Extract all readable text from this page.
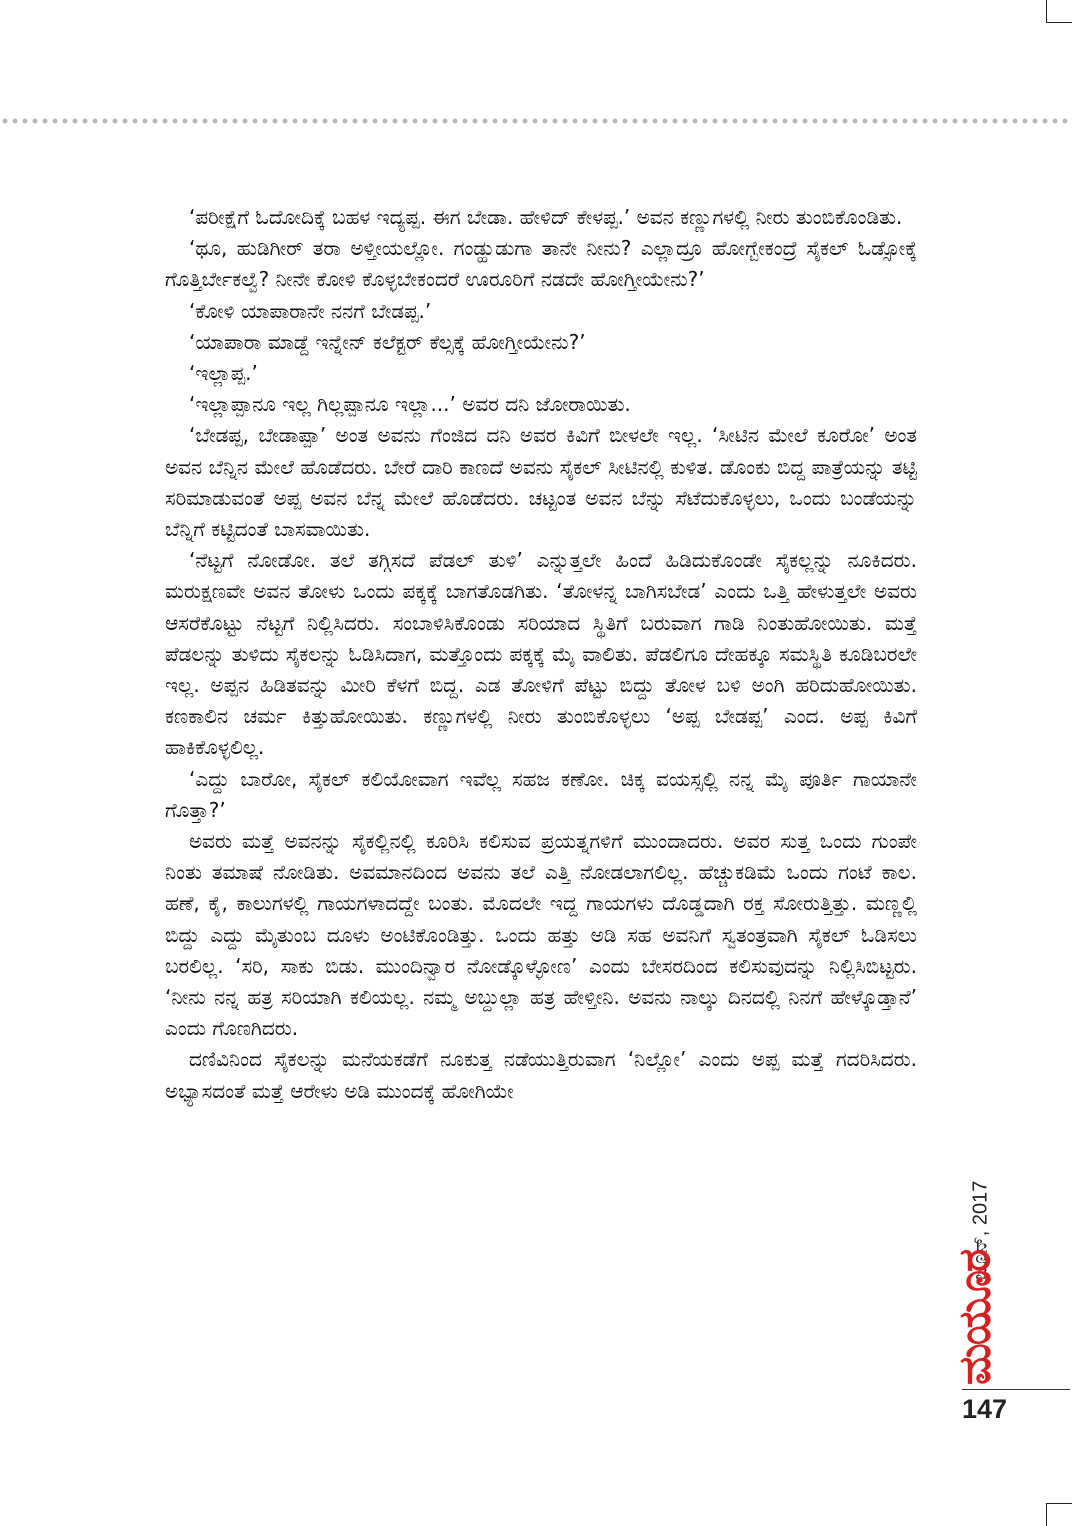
‘ಪರೀಕ್ಷೆಗೆ ಓದೋದಿಕ್ಕೆ ಬಹಳ ಇದ್ಯಪ್ಪ. ಈಗ ಬೇಡಾ. ಹೇಳಿದ್ ಕೇಳಪ್ಪ.’ ಅವನ ಕಣ್ಣುಗಳಲ್ಲಿ ನೀರು ತುಂಬಿಕೊಂಡಿತು.

‘ಥೂ, ಹುಡಿಗೀರ್ ತರಾ ಅಳ್ತೀಯಲ್ಲೋ. ಗಂಡ್ಹುಡುಗಾ ತಾನೇ ನೀನು? ಎಲ್ಲಾದ್ರೂ ಹೋಗ್ಬೇಕಂದ್ರೆ ಸೈಕಲ್ ಓಡ್ಸೋಕ್ಕೆ ಗೊತ್ತಿರ್ಬೇಕಲ್ವೆ? ನೀನೇ ಕೋಳಿ ಕೊಳ್ಳಬೇಕಂದರೆ ಊರೂರಿಗೆ ನಡದೇ ಹೋಗ್ತೀಯೇನು?’

‘ಕೋಳಿ ಯಾಪಾರಾನೇ ನನಗೆ ಬೇಡಪ್ಪ.’

‘ಯಾಪಾರಾ ಮಾಡ್ದೆ ಇನ್ನೇನ್ ಕಲೆಕ್ಟರ್ ಕೆಲ್ಸಕ್ಕೆ ಹೋಗ್ತೀಯೇನು?’

‘ಇಲ್ಲಾಪ್ಪ.’

‘ಇಲ್ಲಾಪ್ಪಾನೂ ಇಲ್ಲ ಗಿಲ್ಲಪ್ಪಾನೂ ಇಲ್ಲಾ...’ ಅವರ ದನಿ ಜೋರಾಯಿತು.

‘ಬೇಡಪ್ಪ, ಬೇಡಾಪ್ಪಾ’ ಅಂತ ಅವನು ಗೆಂಜಿದ ದನಿ ಅವರ ಕಿವಿಗೆ ಬೀಳಲೇ ಇಲ್ಲ. ‘ಸೀಟಿನ ಮೇಲೆ ಕೂರೋ’ ಅಂತ ಅವನ ಬೆನ್ನಿನ ಮೇಲೆ ಹೊಡೆದರು. ಬೇರೆ ದಾರಿ ಕಾಣದೆ ಅವನು ಸೈಕಲ್ ಸೀಟಿನಲ್ಲಿ ಕುಳಿತ. ಡೊಂಕು ಬಿದ್ದ ಪಾತ್ರೆಯನ್ನು ತಟ್ಟಿ ಸರಿಮಾಡುವಂತೆ ಅಪ್ಪ ಅವನ ಬೆನ್ನ ಮೇಲೆ ಹೊಡೆದರು. ಚಟ್ಟಂತ ಅವನ ಬೆನ್ನು ಸೆಟೆದುಕೊಳ್ಳಲು, ಒಂದು ಬಂಡೆಯನ್ನು ಬೆನ್ನಿಗೆ ಕಟ್ಟಿದಂತೆ ಬಾಸವಾಯಿತು.

‘ನೆಟ್ಟಗೆ ನೋಡೋ. ತಲೆ ತಗ್ಗಿಸದೆ ಪೆಡಲ್ ತುಳಿ’ ಎನ್ನುತ್ತಲೇ ಹಿಂದೆ ಹಿಡಿದುಕೊಂಡೇ ಸೈಕಲ್ಲನ್ನು ನೂಕಿದರು. ಮರುಕ್ಷಣವೇ ಅವನ ತೋಳು ಒಂದು ಪಕ್ಕಕ್ಕೆ ಬಾಗತೊಡಗಿತು. ‘ತೋಳನ್ನ ಬಾಗಿಸಬೇಡ’ ಎಂದು ಒತ್ತಿ ಹೇಳುತ್ತಲೇ ಅವರು ಆಸರೆಕೊಟ್ಟು ನೆಟ್ಟಗೆ ನಿಲ್ಲಿಸಿದರು. ಸಂಬಾಳಿಸಿಕೊಂಡು ಸರಿಯಾದ ಸ್ಥಿತಿಗೆ ಬರುವಾಗ ಗಾಡಿ ನಿಂತುಹೋಯಿತು. ಮತ್ತೆ ಪೆಡಲನ್ನು ತುಳಿದು ಸೈಕಲನ್ನು ಓಡಿಸಿದಾಗ, ಮತ್ತೊಂದು ಪಕ್ಕಕ್ಕೆ ಮೈ ವಾಲಿತು. ಪೆಡಲಿಗೂ ದೇಹಕ್ಕೂ ಸಮಸ್ಥಿತಿ ಕೂಡಿಬರಲೇ ಇಲ್ಲ. ಅಪ್ಪನ ಹಿಡಿತವನ್ನು ಮೀರಿ ಕೆಳಗೆ ಬಿದ್ದ. ಎಡ ತೋಳಿಗೆ ಪೆಟ್ಟು ಬಿದ್ದು ತೋಳ ಬಳಿ ಅಂಗಿ ಹರಿದುಹೋಯಿತು. ಕಣಕಾಲಿನ ಚರ್ಮ ಕಿತ್ತುಹೋಯಿತು. ಕಣ್ಣುಗಳಲ್ಲಿ ನೀರು ತುಂಬಿಕೊಳ್ಳಲು ‘ಅಪ್ಪ ಬೇಡಪ್ಪ’ ಎಂದ. ಅಪ್ಪ ಕಿವಿಗೆ ಹಾಕಿಕೊಳ್ಳಲಿಲ್ಲ.

‘ಎದ್ದು ಬಾರೋ, ಸೈಕಲ್ ಕಲಿಯೋವಾಗ ಇವೆಲ್ಲ ಸಹಜ ಕಣೋ. ಚಿಕ್ಕ ವಯಸ್ಸಲ್ಲಿ ನನ್ನ ಮೈ ಪೂರ್ತಿ ಗಾಯಾನೇ ಗೊತ್ತಾ?’

ಅವರು ಮತ್ತೆ ಅವನನ್ನು ಸೈಕಲ್ಲಿನಲ್ಲಿ ಕೂರಿಸಿ ಕಲಿಸುವ ಪ್ರಯತ್ನಗಳಿಗೆ ಮುಂದಾದರು. ಅವರ ಸುತ್ತ ಒಂದು ಗುಂಪೇ ನಿಂತು ತಮಾಷೆ ನೋಡಿತು. ಅವಮಾನದಿಂದ ಅವನು ತಲೆ ಎತ್ತಿ ನೋಡಲಾಗಲಿಲ್ಲ. ಹೆಚ್ಚುಕಡಿಮೆ ಒಂದು ಗಂಟೆ ಕಾಲ. ಹಣೆ, ಕೈ, ಕಾಲುಗಳಲ್ಲಿ ಗಾಯಗಳಾದದ್ದೇ ಬಂತು. ಮೊದಲೇ ಇದ್ದ ಗಾಯಗಳು ದೊಡ್ಡದಾಗಿ ರಕ್ತ ಸೋರುತ್ತಿತ್ತು. ಮಣ್ಣಲ್ಲಿ ಬಿದ್ದು ಎದ್ದು ಮೈತುಂಬ ದೂಳು ಅಂಟಿಕೊಂಡಿತ್ತು. ಒಂದು ಹತ್ತು ಅಡಿ ಸಹ ಅವನಿಗೆ ಸ್ವತಂತ್ರವಾಗಿ ಸೈಕಲ್ ಓಡಿಸಲು ಬರಲಿಲ್ಲ. ‘ಸರಿ, ಸಾಕು ಬಿಡು. ಮುಂದಿನ್ವಾರ ನೋಡ್ಕೊಳ್ಳೋಣ’ ಎಂದು ಬೇಸರದಿಂದ ಕಲಿಸುವುದನ್ನು ನಿಲ್ಲಿಸಿಬಿಟ್ಟರು. ‘ನೀನು ನನ್ನ ಹತ್ರ ಸರಿಯಾಗಿ ಕಲಿಯಲ್ಲ. ನಮ್ಮ ಅಬ್ದುಲ್ಲಾ ಹತ್ರ ಹೇಳ್ತೀನಿ. ಅವನು ನಾಲ್ಕು ದಿನದಲ್ಲಿ ನಿನಗೆ ಹೇಳ್ಕೊಡ್ತಾನೆ’ ಎಂದು ಗೊಣಗಿದರು.

ದಣಿವಿನಿಂದ ಸೈಕಲನ್ನು ಮನೆಯಕಡೆಗೆ ನೂಕುತ್ತ ನಡೆಯುತ್ತಿರುವಾಗ ‘ನಿಲ್ಲೋ’ ಎಂದು ಅಪ್ಪ ಮತ್ತೆ ಗದರಿಸಿದರು. ಅಭ್ಯಾಸದಂತೆ ಮತ್ತೆ ಆರೇಳು ಅಡಿ ಮುಂದಕ್ಕೆ ಹೋಗಿಯೇ

ಜೂನ್, 2017
ಮಯೂರ
147
